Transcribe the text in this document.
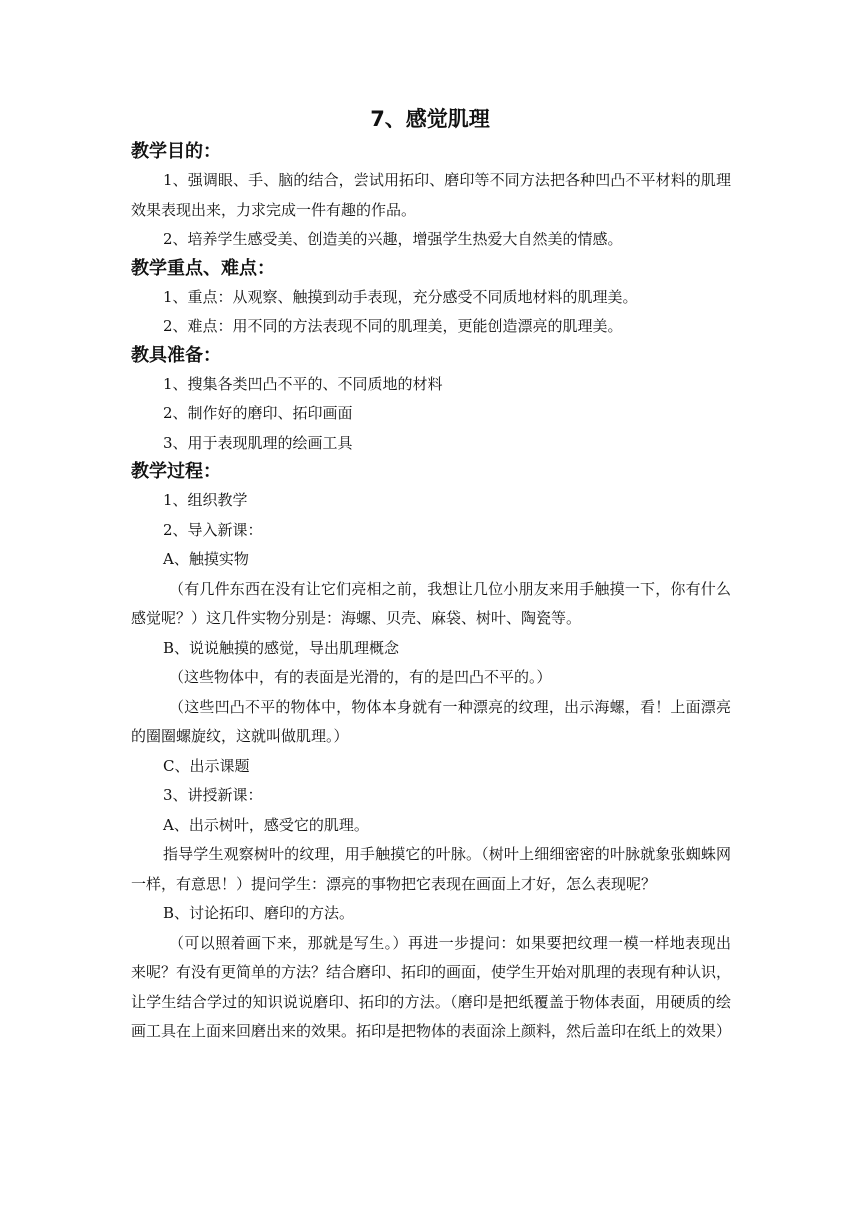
7、感觉肌理

教学目的：

1、强调眼、手、脑的结合，尝试用拓印、磨印等不同方法把各种凹凸不平材料的肌理效果表现出来，力求完成一件有趣的作品。

2、培养学生感受美、创造美的兴趣，增强学生热爱大自然美的情感。

教学重点、难点：

1、重点：从观察、触摸到动手表现，充分感受不同质地材料的肌理美。

2、难点：用不同的方法表现不同的肌理美，更能创造漂亮的肌理美。

教具准备：

1、搜集各类凹凸不平的、不同质地的材料

2、制作好的磨印、拓印画面

3、用于表现肌理的绘画工具

教学过程：

1、组织教学

2、导入新课：

A、触摸实物

（有几件东西在没有让它们亮相之前，我想让几位小朋友来用手触摸一下，你有什么感觉呢？）这几件实物分别是：海螺、贝壳、麻袋、树叶、陶瓷等。

B、说说触摸的感觉，导出肌理概念

（这些物体中，有的表面是光滑的，有的是凹凸不平的。）

（这些凹凸不平的物体中，物体本身就有一种漂亮的纹理，出示海螺，看！上面漂亮的圈圈螺旋纹，这就叫做肌理。）

C、出示课题

3、讲授新课：

A、出示树叶，感受它的肌理。

指导学生观察树叶的纹理，用手触摸它的叶脉。（树叶上细细密密的叶脉就象张蜘蛛网一样，有意思！）提问学生：漂亮的事物把它表现在画面上才好，怎么表现呢？

B、讨论拓印、磨印的方法。

（可以照着画下来，那就是写生。）再进一步提问：如果要把纹理一模一样地表现出来呢？有没有更简单的方法？结合磨印、拓印的画面，使学生开始对肌理的表现有种认识，让学生结合学过的知识说说磨印、拓印的方法。（磨印是把纸覆盖于物体表面，用硬质的绘画工具在上面来回磨出来的效果。拓印是把物体的表面涂上颜料，然后盖印在纸上的效果）
